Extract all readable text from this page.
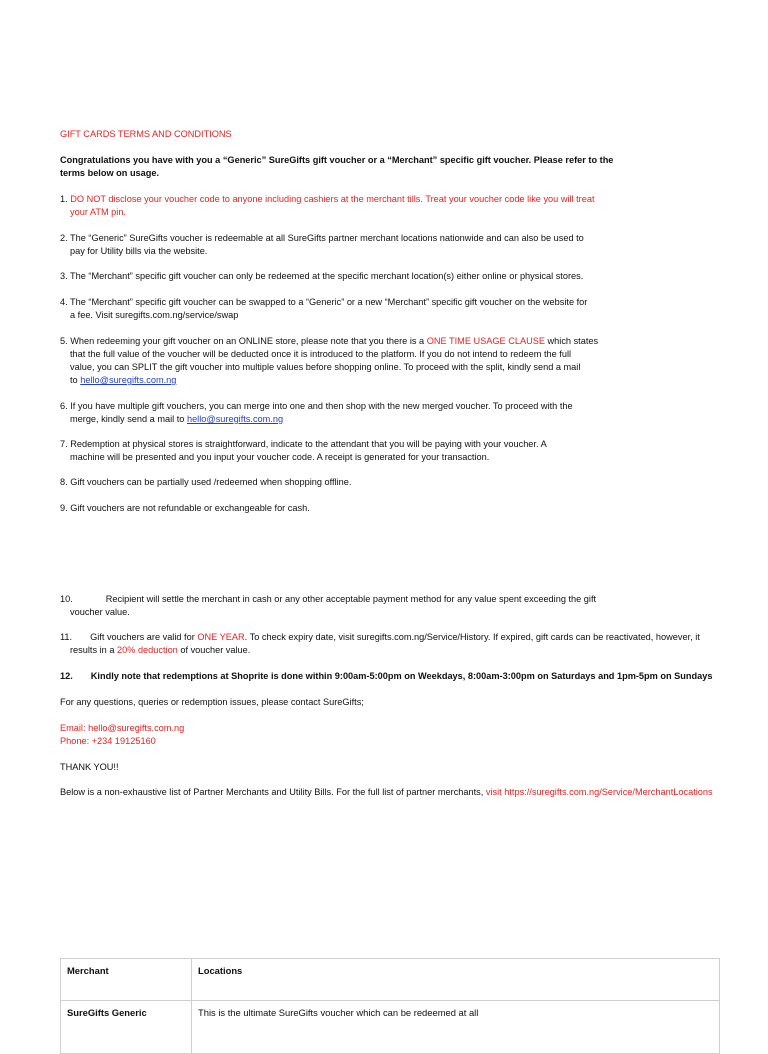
GIFT CARDS TERMS AND CONDITIONS
Congratulations you have with you a “Generic” SureGifts gift voucher or a “Merchant” specific gift voucher. Please refer to the
terms below on usage.
1. DO NOT disclose your voucher code to anyone including cashiers at the merchant tills. Treat your voucher code like you will treat
your ATM pin.
2. The “Generic” SureGifts voucher is redeemable at all SureGifts partner merchant locations nationwide and can also be used to
pay for Utility bills via the website.
3. The “Merchant” specific gift voucher can only be redeemed at the specific merchant location(s) either online or physical stores.
4. The “Merchant” specific gift voucher can be swapped to a “Generic” or a new “Merchant” specific gift voucher on the website for
a fee. Visit suregifts.com.ng/service/swap
5. When redeeming your gift voucher on an ONLINE store, please note that you there is a ONE TIME USAGE CLAUSE which states
that the full value of the voucher will be deducted once it is introduced to the platform. If you do not intend to redeem the full
value, you can SPLIT the gift voucher into multiple values before shopping online. To proceed with the split, kindly send a mail
to hello@suregifts.com.ng
6. If you have multiple gift vouchers, you can merge into one and then shop with the new merged voucher. To proceed with the
merge, kindly send a mail to hello@suregifts.com.ng
7. Redemption at physical stores is straightforward, indicate to the attendant that you will be paying with your voucher. A
machine will be presented and you input your voucher code. A receipt is generated for your transaction.
8. Gift vouchers can be partially used /redeemed when shopping offline.
9. Gift vouchers are not refundable or exchangeable for cash.
10.	Recipient will settle the merchant in cash or any other acceptable payment method for any value spent exceeding the gift
voucher value.
11. Gift vouchers are valid for ONE YEAR. To check expiry date, visit suregifts.com.ng/Service/History. If expired, gift cards can be reactivated, however, it
results in a 20% deduction of voucher value.
12. Kindly note that redemptions at Shoprite is done within 9:00am-5:00pm on Weekdays, 8:00am-3:00pm on Saturdays and 1pm-5pm on Sundays
For any questions, queries or redemption issues, please contact SureGifts;
Email: hello@suregifts.com.ng
Phone: +234 19125160
THANK YOU!!
Below is a non-exhaustive list of Partner Merchants and Utility Bills. For the full list of partner merchants, visit https://suregifts.com.ng/Service/MerchantLocations
Merchant	Locations
SureGifts Generic	This is the ultimate SureGifts voucher which can be redeemed at all
